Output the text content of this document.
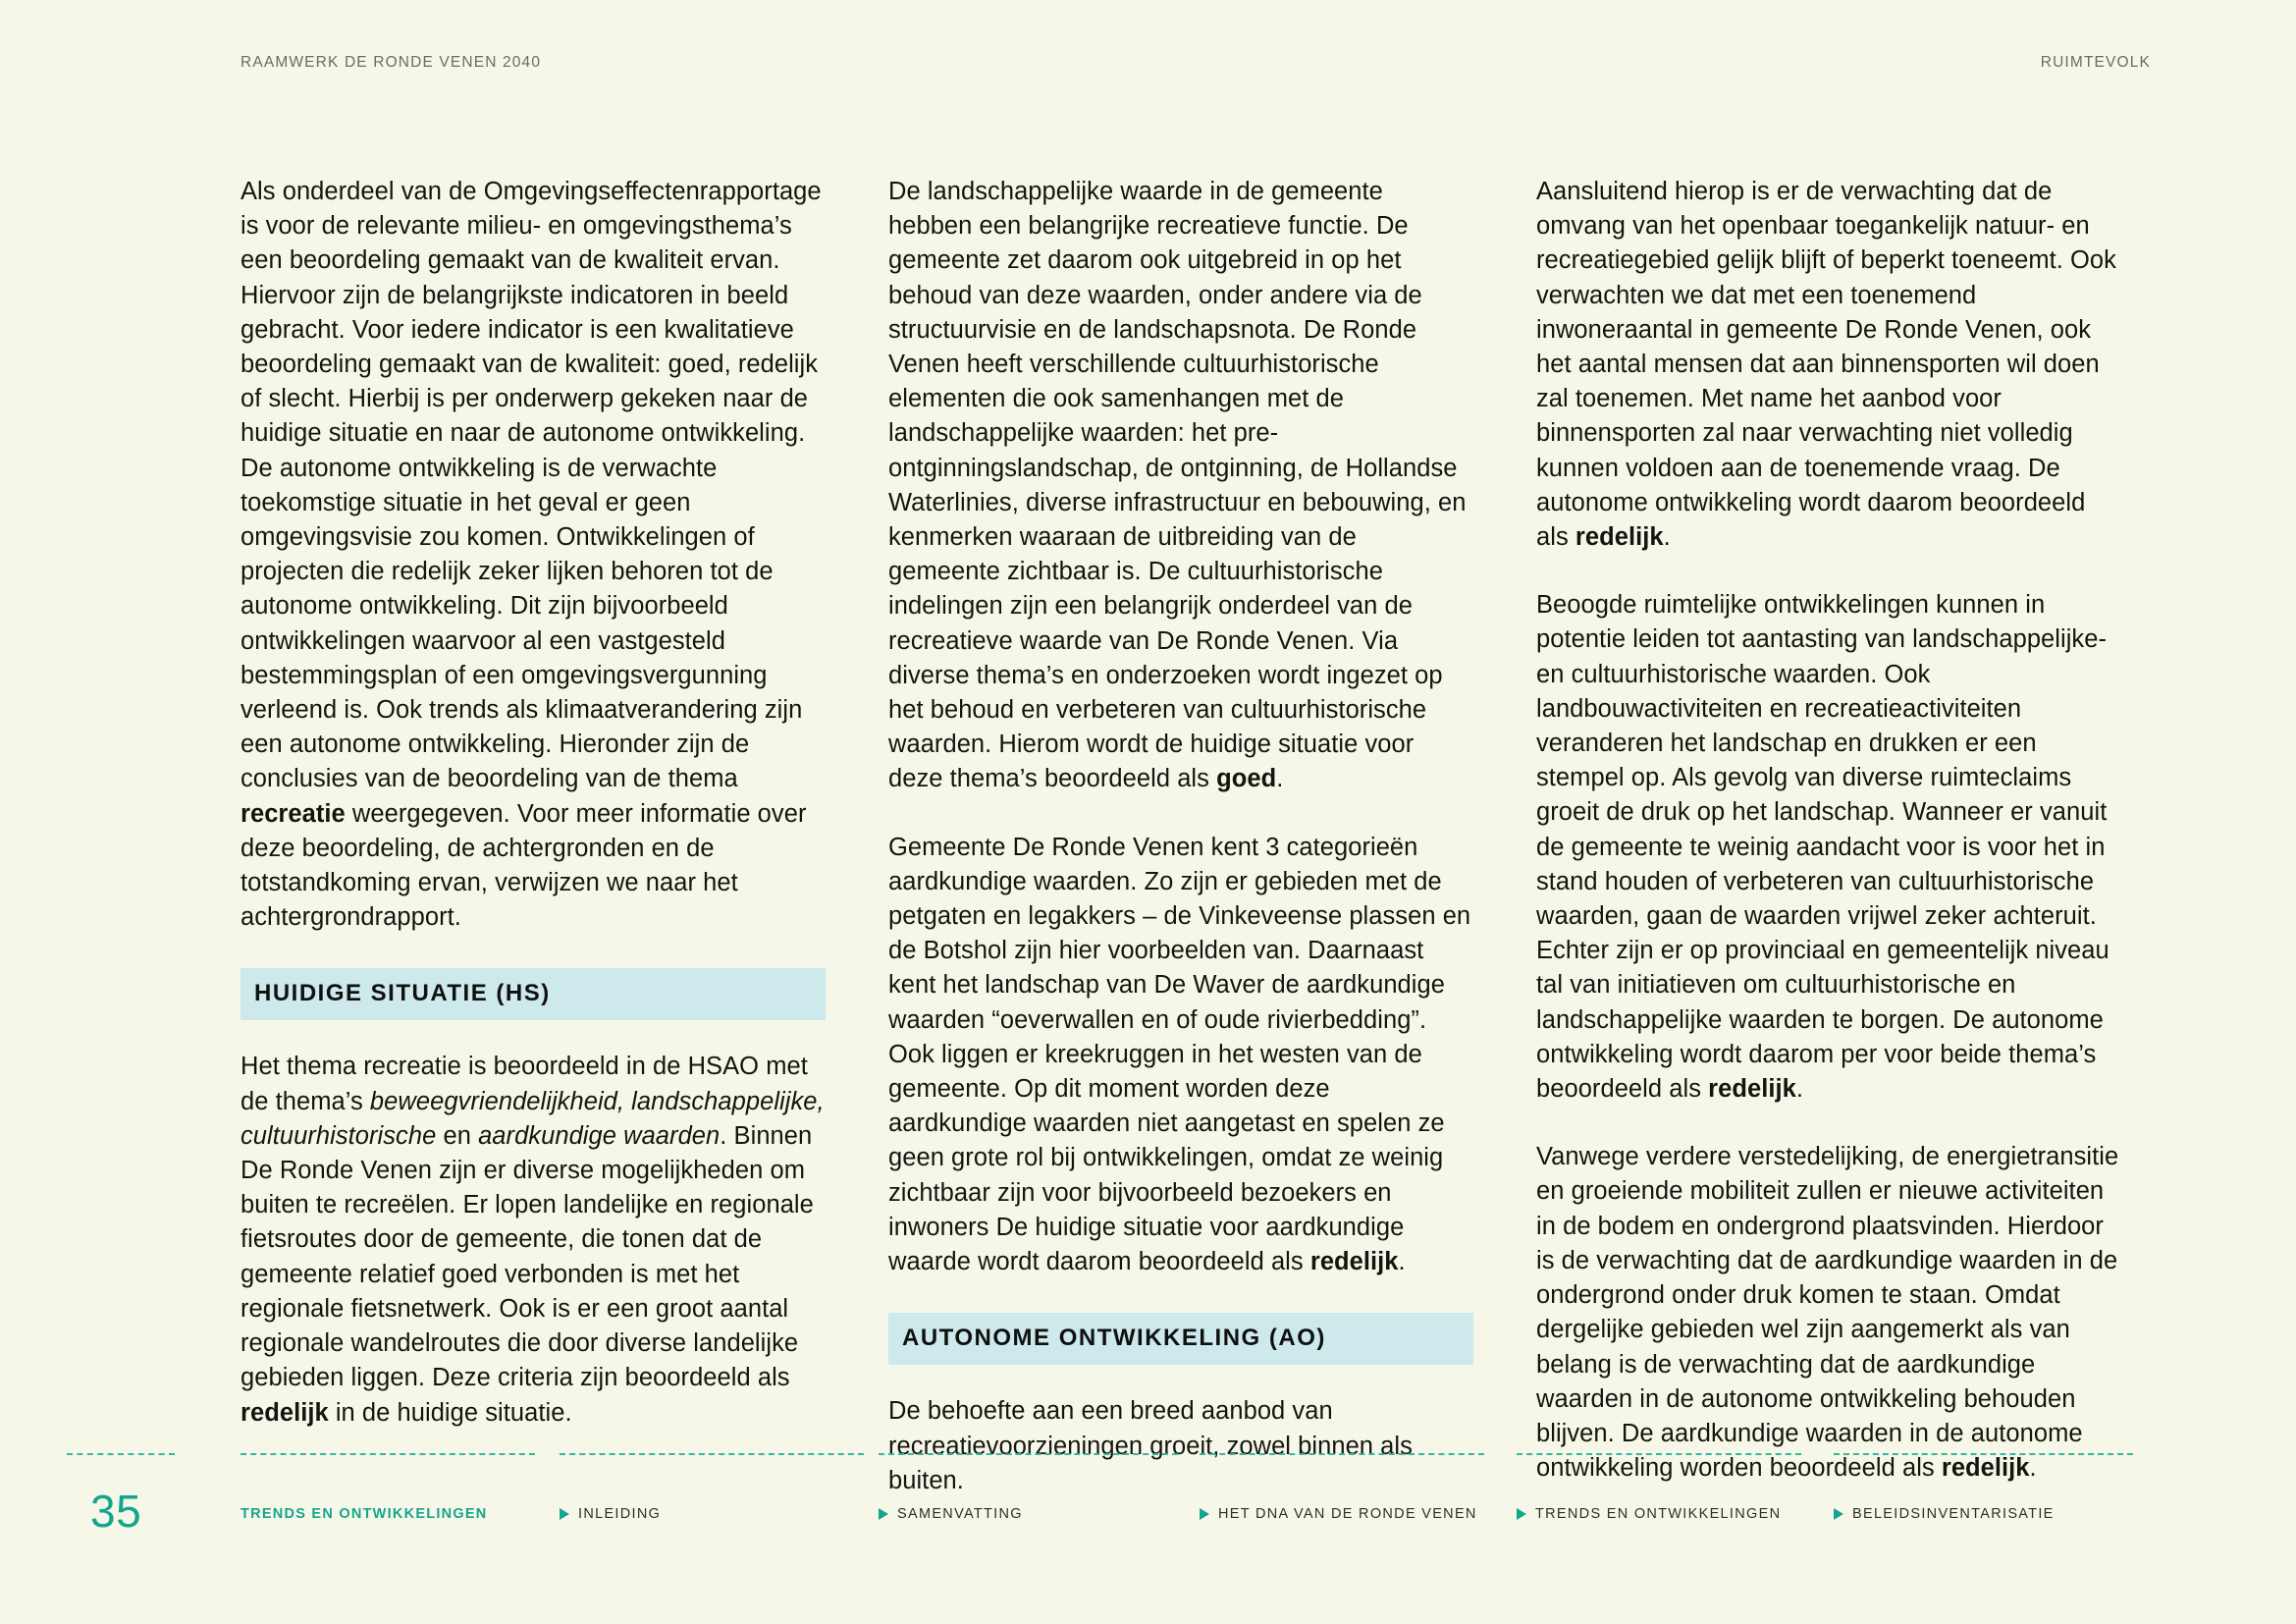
RAAMWERK DE RONDE VENEN 2040	RUIMTEVOLK

Als onderdeel van de Omgevingseffectenrapportage is voor de relevante milieu- en omgevingsthema’s een beoordeling gemaakt van de kwaliteit ervan. Hiervoor zijn de belangrijkste indicatoren in beeld gebracht. Voor iedere indicator is een kwalitatieve beoordeling gemaakt van de kwaliteit: goed, redelijk of slecht. Hierbij is per onderwerp gekeken naar de huidige situatie en naar de autonome ontwikkeling. De autonome ontwikkeling is de verwachte toekomstige situatie in het geval er geen omgevingsvisie zou komen. Ontwikkelingen of projecten die redelijk zeker lijken behoren tot de autonome ontwikkeling. Dit zijn bijvoorbeeld ontwikkelingen waarvoor al een vastgesteld bestemmingsplan of een omgevingsvergunning verleend is. Ook trends als klimaatverandering zijn een autonome ontwikkeling. Hieronder zijn de conclusies van de beoordeling van de thema recreatie weergegeven. Voor meer informatie over deze beoordeling, de achtergronden en de totstandkoming ervan, verwijzen we naar het achtergrondrapport.

HUIDIGE SITUATIE (HS)

Het thema recreatie is beoordeeld in de HSAO met de thema’s beweegvriendelijkheid, landschappelijke, cultuurhistorische en aardkundige waarden. Binnen De Ronde Venen zijn er diverse mogelijkheden om buiten te recreëlen. Er lopen landelijke en regionale fietsroutes door de gemeente, die tonen dat de gemeente relatief goed verbonden is met het regionale fietsnetwerk. Ook is er een groot aantal regionale wandelroutes die door diverse landelijke gebieden liggen. Deze criteria zijn beoordeeld als redelijk in de huidige situatie.

De landschappelijke waarde in de gemeente hebben een belangrijke recreatieve functie. De gemeente zet daarom ook uitgebreid in op het behoud van deze waarden, onder andere via de structuurvisie en de landschapsnota. De Ronde Venen heeft verschillende cultuurhistorische elementen die ook samenhangen met de landschappelijke waarden: het pre-ontginningslandschap, de ontginning, de Hollandse Waterlinies, diverse infrastructuur en bebouwing, en kenmerken waaraan de uitbreiding van de gemeente zichtbaar is. De cultuurhistorische indelingen zijn een belangrijk onderdeel van de recreatieve waarde van De Ronde Venen. Via diverse thema’s en onderzoeken wordt ingezet op het behoud en verbeteren van cultuurhistorische waarden. Hierom wordt de huidige situatie voor deze thema’s beoordeeld als goed.

Gemeente De Ronde Venen kent 3 categorieën aardkundige waarden. Zo zijn er gebieden met de petgaten en legakkers – de Vinkeveense plassen en de Botshol zijn hier voorbeelden van. Daarnaast kent het landschap van De Waver de aardkundige waarden “oeverwallen en of oude rivierbedding”. Ook liggen er kreekruggen in het westen van de gemeente. Op dit moment worden deze aardkundige waarden niet aangetast en spelen ze geen grote rol bij ontwikkelingen, omdat ze weinig zichtbaar zijn voor bijvoorbeeld bezoekers en inwoners De huidige situatie voor aardkundige waarde wordt daarom beoordeeld als redelijk.

AUTONOME ONTWIKKELING (AO)

De behoefte aan een breed aanbod van recreatievoorzieningen groeit, zowel binnen als buiten.

Aansluitend hierop is er de verwachting dat de omvang van het openbaar toegankelijk natuur- en recreatiegebied gelijk blijft of beperkt toeneemt. Ook verwachten we dat met een toenemend inwoneraantal in gemeente De Ronde Venen, ook het aantal mensen dat aan binnensporten wil doen zal toenemen. Met name het aanbod voor binnensporten zal naar verwachting niet volledig kunnen voldoen aan de toenemende vraag. De autonome ontwikkeling wordt daarom beoordeeld als redelijk.

Beoogde ruimtelijke ontwikkelingen kunnen in potentie leiden tot aantasting van landschappelijke- en cultuurhistorische waarden. Ook landbouwactiviteiten en recreatieactiviteiten veranderen het landschap en drukken er een stempel op. Als gevolg van diverse ruimteclaims groeit de druk op het landschap. Wanneer er vanuit de gemeente te weinig aandacht voor is voor het in stand houden of verbeteren van cultuurhistorische waarden, gaan de waarden vrijwel zeker achteruit. Echter zijn er op provinciaal en gemeentelijk niveau tal van initiatieven om cultuurhistorische en landschappelijke waarden te borgen. De autonome ontwikkeling wordt daarom per voor beide thema’s beoordeeld als redelijk.

Vanwege verdere verstedelijking, de energietransitie en groeiende mobiliteit zullen er nieuwe activiteiten in de bodem en ondergrond plaatsvinden. Hierdoor is de verwachting dat de aardkundige waarden in de ondergrond onder druk komen te staan. Omdat dergelijke gebieden wel zijn aangemerkt als van belang is de verwachting dat de aardkundige waarden in de autonome ontwikkeling behouden blijven. De aardkundige waarden in de autonome ontwikkeling worden beoordeeld als redelijk.

35	TRENDS EN ONTWIKKELINGEN	INLEIDING	SAMENVATTING	HET DNA VAN DE RONDE VENEN	TRENDS EN ONTWIKKELINGEN	BELEIDSINVENTARISATIE
